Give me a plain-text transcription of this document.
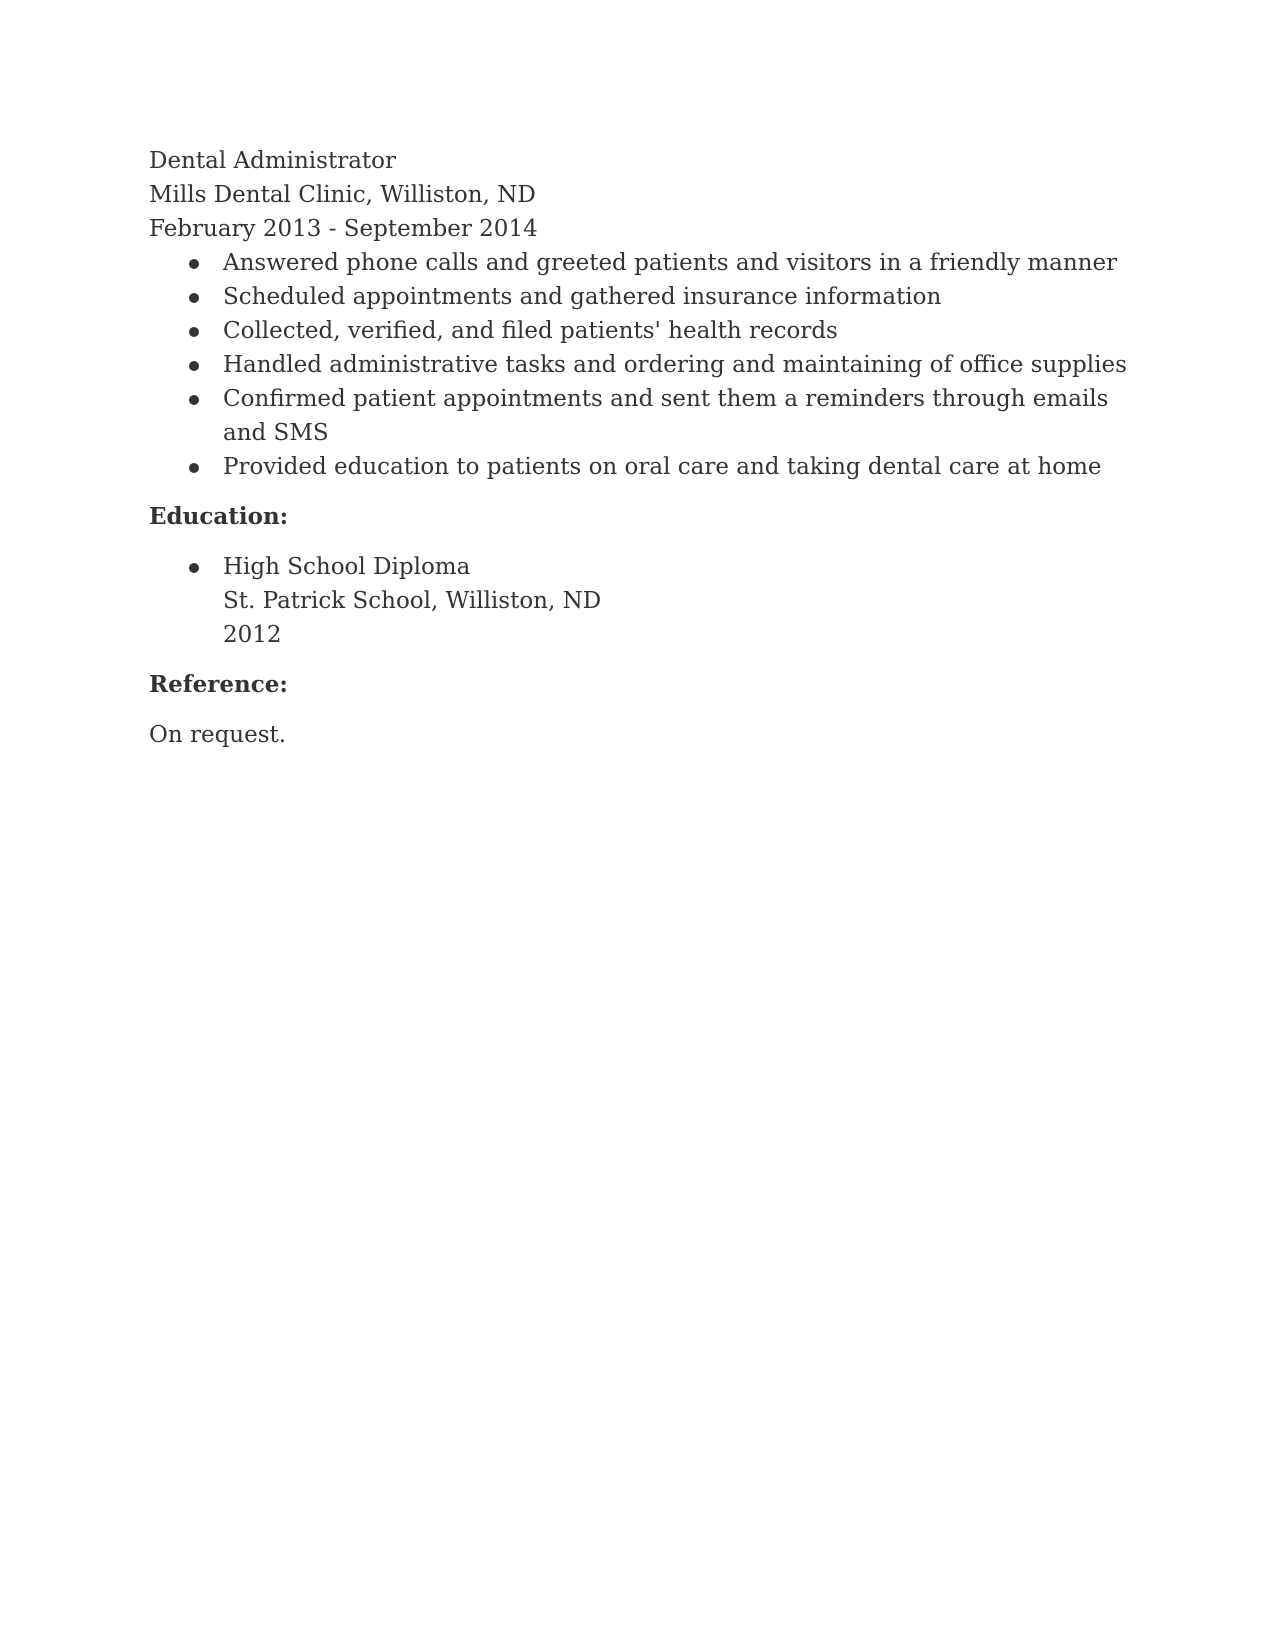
Dental Administrator

Mills Dental Clinic, Williston, ND

February 2013 - September 2014

Answered phone calls and greeted patients and visitors in a friendly manner
Scheduled appointments and gathered insurance information
Collected, verified, and filed patients' health records
Handled administrative tasks and ordering and maintaining of office supplies
Confirmed patient appointments and sent them a reminders through emails and SMS
Provided education to patients on oral care and taking dental care at home

Education:

High School Diploma
St. Patrick School, Williston, ND
2012

Reference:

On request.
